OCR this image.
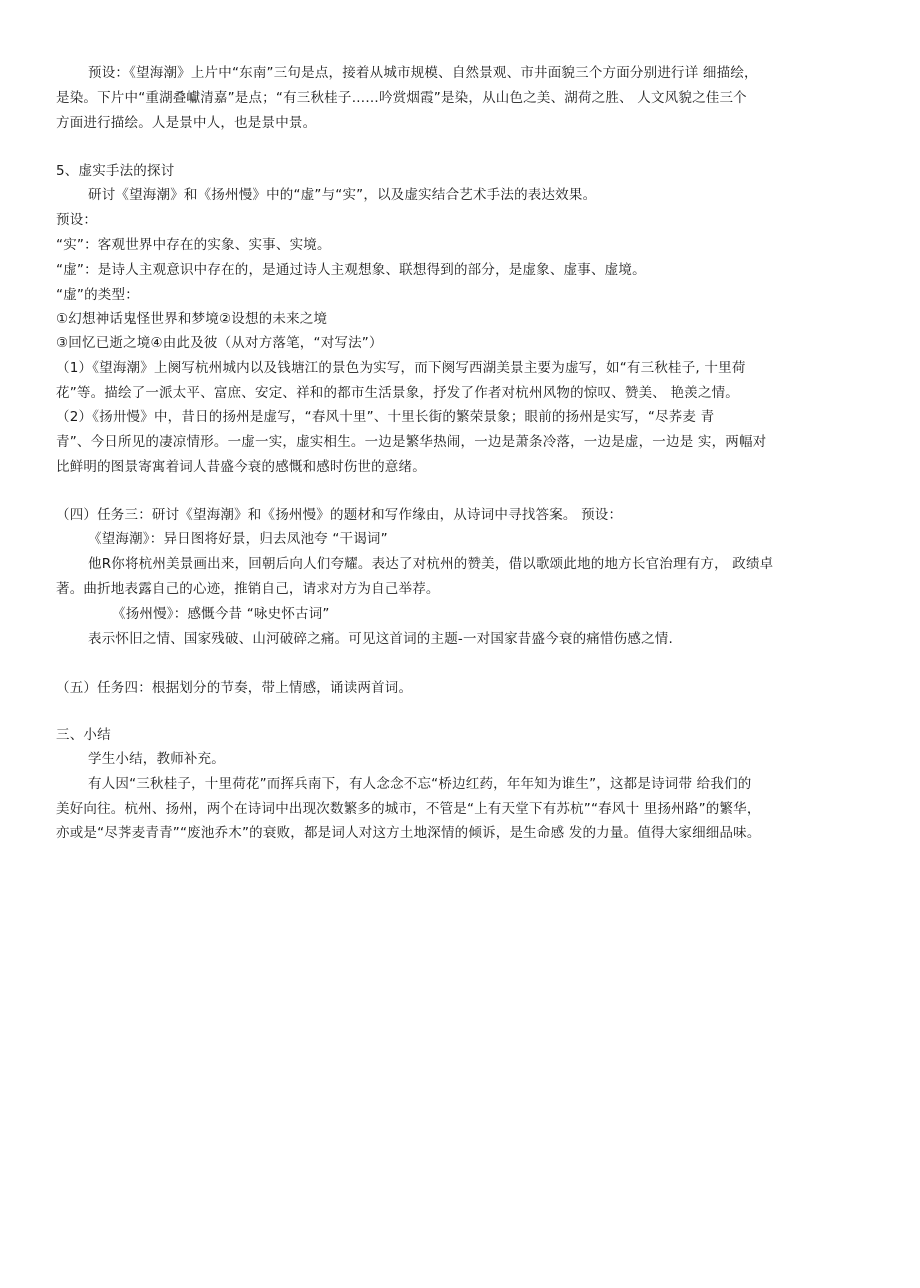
预设：《望海潮》上片中“东南”三句是点，接着从城市规模、自然景观、市井面貌三个方面分别进行详 细描绘，
是染。下片中“重湖叠巘清嘉”是点；“有三秋桂子……吟赏烟霞”是染，从山色之美、湖荷之胜、 人文风貌之佳三个
方面进行描绘。人是景中人，也是景中景。
5、虚实手法的探讨
研讨《望海潮》和《扬州慢》中的“虚”与“实”，以及虚实结合艺术手法的表达效果。
预设：
“实”：客观世界中存在的实象、实事、实境。
“虚”：是诗人主观意识中存在的，是通过诗人主观想象、联想得到的部分，是虚象、虚事、虚境。
“虚”的类型：
①幻想神话鬼怪世界和梦境②设想的未来之境
③回忆已逝之境④由此及彼（从对方落笔，“对写法”）
（1）《望海潮》上阕写杭州城内以及钱塘江的景色为实写，而下阕写西湖美景主要为虚写，如“有三秋桂子, 十里荷
花”等。描绘了一派太平、富庶、安定、祥和的都市生活景象，抒发了作者对杭州风物的惊叹、赞美、 艳羡之情。
（2）《扬卅慢》中，昔日的扬州是虚写，“春风十里”、十里长街的繁荣景象；眼前的扬州是实写，“尽荞麦 青
青”、今日所见的凄凉情形。一虚一实，虚实相生。一边是繁华热闹，一边是萧条冷落，一边是虚，一边是 实，两幅对
比鲜明的图景寄寓着词人昔盛今衰的感慨和感时伤世的意绪。
（四）任务三：研讨《望海潮》和《扬州慢》的题材和写作缘由，从诗词中寻找答案。 预设：
《望海潮》：异日图将好景，归去凤池夸 “干谒词”
他R你将杭州美景画出来，回朝后向人们夸耀。表达了对杭州的赞美，借以歌颂此地的地方长官治理有方， 政绩卓
著。曲折地表露自己的心迹，推销自己，请求对方为自己举荐。
《扬州慢》：感慨今昔 “咏史怀古词”
表示怀旧之情、国家残破、山河破碎之痛。可见这首词的主题-一对国家昔盛今衰的痛惜伤感之情.
（五）任务四：根据划分的节奏，带上情感，诵读两首词。
三、小结
学生小结，教师补充。
有人因“三秋桂子，十里荷花”而挥兵南下，有人念念不忘“桥边红药，年年知为谁生”，这都是诗词带 给我们的
美好向往。杭州、扬州，两个在诗词中出现次数繁多的城市，不管是“上有天堂下有苏杭”“春风十 里扬州路”的繁华，
亦或是“尽荠麦青青”“废池乔木”的衰败，都是词人对这方土地深情的倾诉，是生命感 发的力量。值得大家细细品味。
